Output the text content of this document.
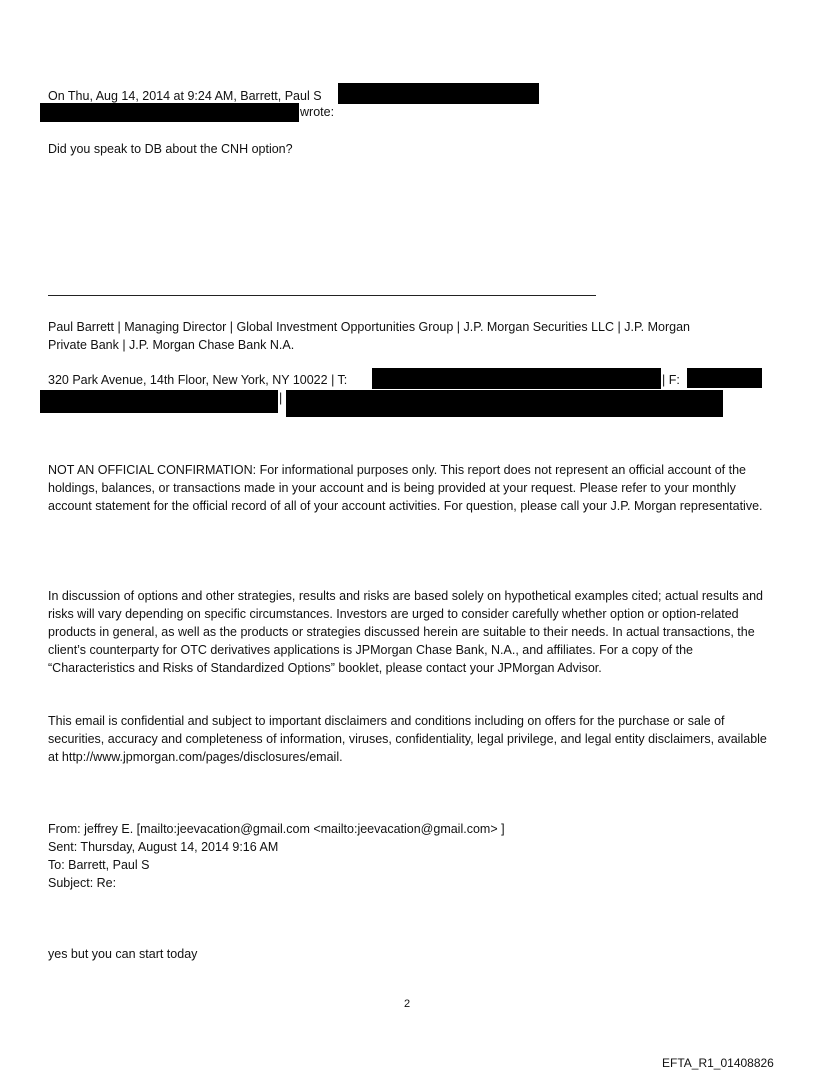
On Thu, Aug 14, 2014 at 9:24 AM, Barrett, Paul S
wrote:
Did you speak to DB about the CNH option?
Paul Barrett | Managing Director | Global Investment Opportunities Group | J.P. Morgan Securities LLC | J.P. Morgan
Private Bank | J.P. Morgan Chase Bank N.A.
320 Park Avenue, 14th Floor, New York, NY 10022 | T:	| F:
|
NOT AN OFFICIAL CONFIRMATION: For informational purposes only. This report does not represent an official account of the holdings, balances, or transactions made in your account and is being provided at your request. Please refer to your monthly account statement for the official record of all of your account activities. For question, please call your J.P. Morgan representative.
In discussion of options and other strategies, results and risks are based solely on hypothetical examples cited; actual results and risks will vary depending on specific circumstances. Investors are urged to consider carefully whether option or option-related products in general, as well as the products or strategies discussed herein are suitable to their needs. In actual transactions, the client’s counterparty for OTC derivatives applications is JPMorgan Chase Bank, N.A., and affiliates. For a copy of the “Characteristics and Risks of Standardized Options” booklet, please contact your JPMorgan Advisor.
This email is confidential and subject to important disclaimers and conditions including on offers for the purchase or sale of securities, accuracy and completeness of information, viruses, confidentiality, legal privilege, and legal entity disclaimers, available at http://www.jpmorgan.com/pages/disclosures/email.
From: jeffrey E. [mailto:jeevacation@gmail.com <mailto:jeevacation@gmail.com> ]
Sent: Thursday, August 14, 2014 9:16 AM
To: Barrett, Paul S
Subject: Re:
yes but you can start today
2
EFTA_R1_01408826
